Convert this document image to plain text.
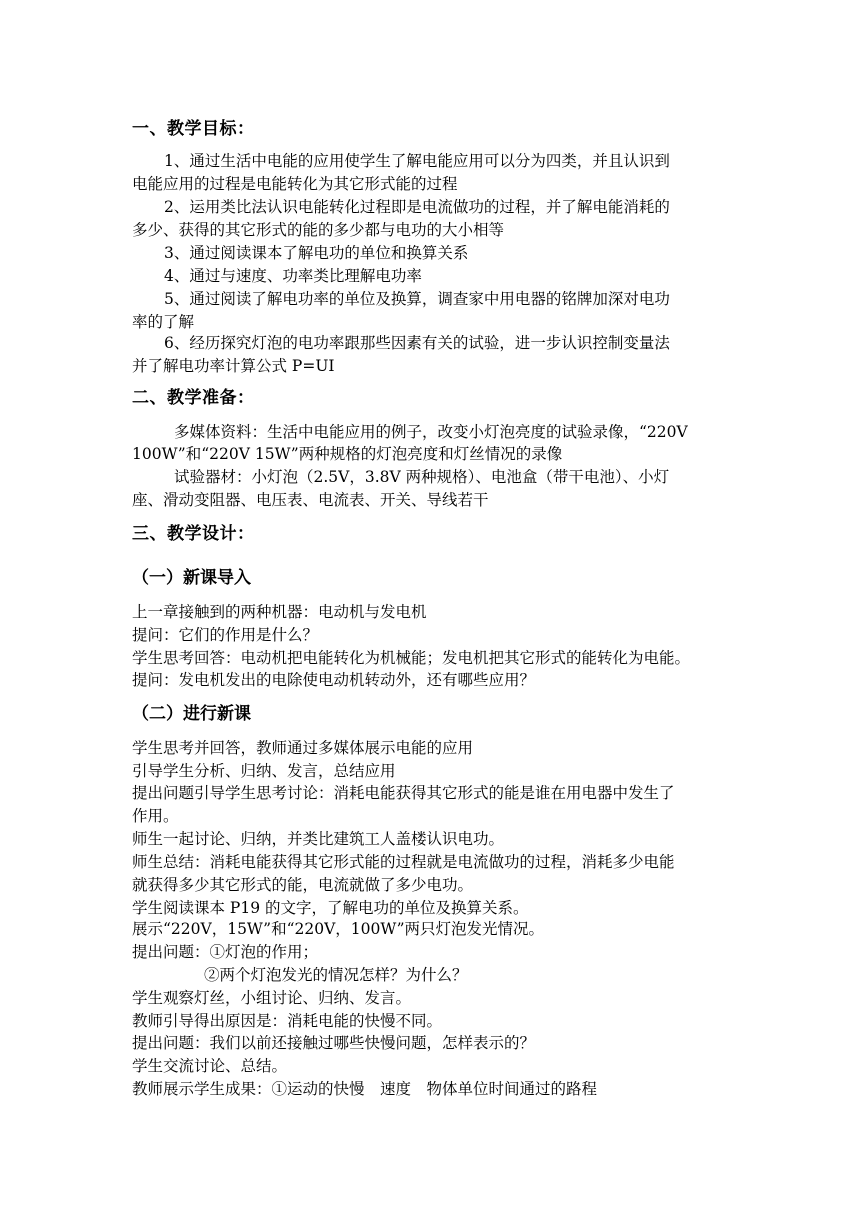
一、教学目标：
1、通过生活中电能的应用使学生了解电能应用可以分为四类，并且认识到
电能应用的过程是电能转化为其它形式能的过程
2、运用类比法认识电能转化过程即是电流做功的过程，并了解电能消耗的
多少、获得的其它形式的能的多少都与电功的大小相等
3、通过阅读课本了解电功的单位和换算关系
4、通过与速度、功率类比理解电功率
5、通过阅读了解电功率的单位及换算，调查家中用电器的铭牌加深对电功
率的了解
6、经历探究灯泡的电功率跟那些因素有关的试验，进一步认识控制变量法
并了解电功率计算公式 P=UI
二、教学准备：
多媒体资料：生活中电能应用的例子，改变小灯泡亮度的试验录像，“220V
100W”和“220V 15W”两种规格的灯泡亮度和灯丝情况的录像
试验器材：小灯泡（2.5V，3.8V 两种规格）、电池盒（带干电池）、小灯
座、滑动变阻器、电压表、电流表、开关、导线若干
三、教学设计：
（一）新课导入
上一章接触到的两种机器：电动机与发电机
提问：它们的作用是什么？
学生思考回答：电动机把电能转化为机械能；发电机把其它形式的能转化为电能。
提问：发电机发出的电除使电动机转动外，还有哪些应用？
（二）进行新课
学生思考并回答，教师通过多媒体展示电能的应用
引导学生分析、归纳、发言，总结应用
提出问题引导学生思考讨论：消耗电能获得其它形式的能是谁在用电器中发生了
作用。
师生一起讨论、归纳，并类比建筑工人盖楼认识电功。
师生总结：消耗电能获得其它形式能的过程就是电流做功的过程，消耗多少电能
就获得多少其它形式的能，电流就做了多少电功。
学生阅读课本 P19 的文字，了解电功的单位及换算关系。
展示“220V，15W”和“220V，100W”两只灯泡发光情况。
提出问题：①灯泡的作用；
②两个灯泡发光的情况怎样？为什么？
学生观察灯丝，小组讨论、归纳、发言。
教师引导得出原因是：消耗电能的快慢不同。
提出问题：我们以前还接触过哪些快慢问题，怎样表示的？
学生交流讨论、总结。
教师展示学生成果：①运动的快慢　速度　物体单位时间通过的路程
